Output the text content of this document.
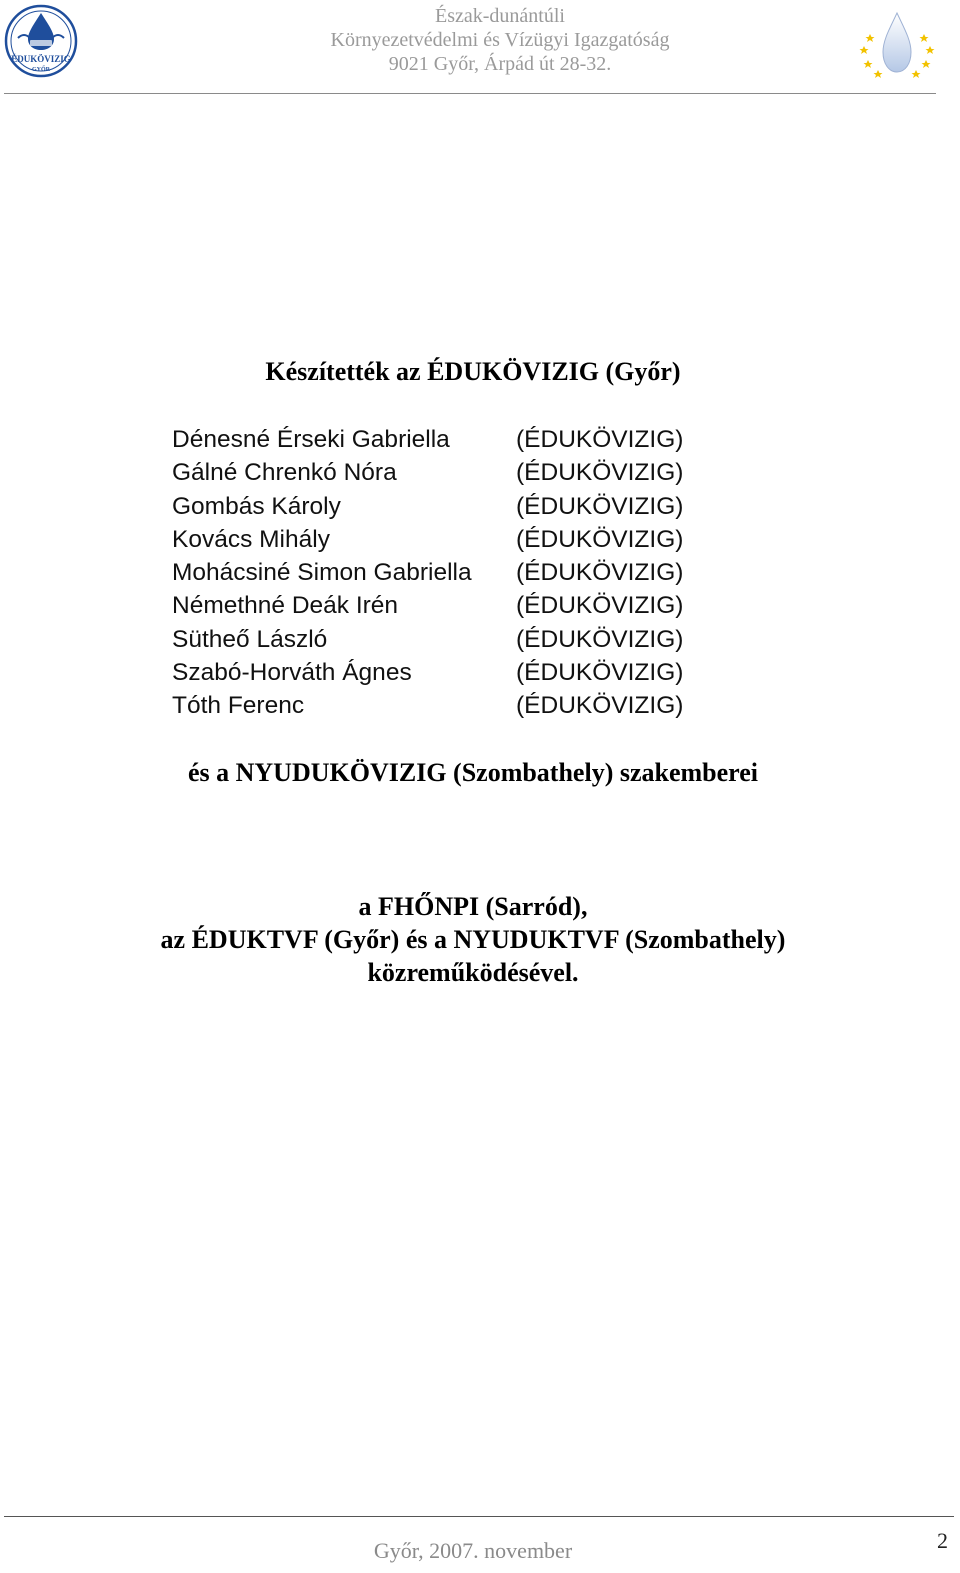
ÉDUKÖVIZIG
GYŐR
Észak-dunántúli
Környezetvédelmi és Vízügyi Igazgatóság
9021 Győr, Árpád út 28-32.
Készítették az ÉDUKÖVIZIG (Győr)
Dénesné Érseki Gabriella	(ÉDUKÖVIZIG)
Gálné Chrenkó Nóra	(ÉDUKÖVIZIG)
Gombás Károly	(ÉDUKÖVIZIG)
Kovács Mihály	(ÉDUKÖVIZIG)
Mohácsiné Simon Gabriella	(ÉDUKÖVIZIG)
Némethné Deák Irén	(ÉDUKÖVIZIG)
Sütheő László	(ÉDUKÖVIZIG)
Szabó-Horváth Ágnes	(ÉDUKÖVIZIG)
Tóth Ferenc	(ÉDUKÖVIZIG)
és a NYUDUKÖVIZIG (Szombathely) szakemberei
a FHŐNPI (Sarród),
az ÉDUKTVF (Győr) és a NYUDUKTVF (Szombathely)
közreműködésével.
Győr, 2007. november	2
